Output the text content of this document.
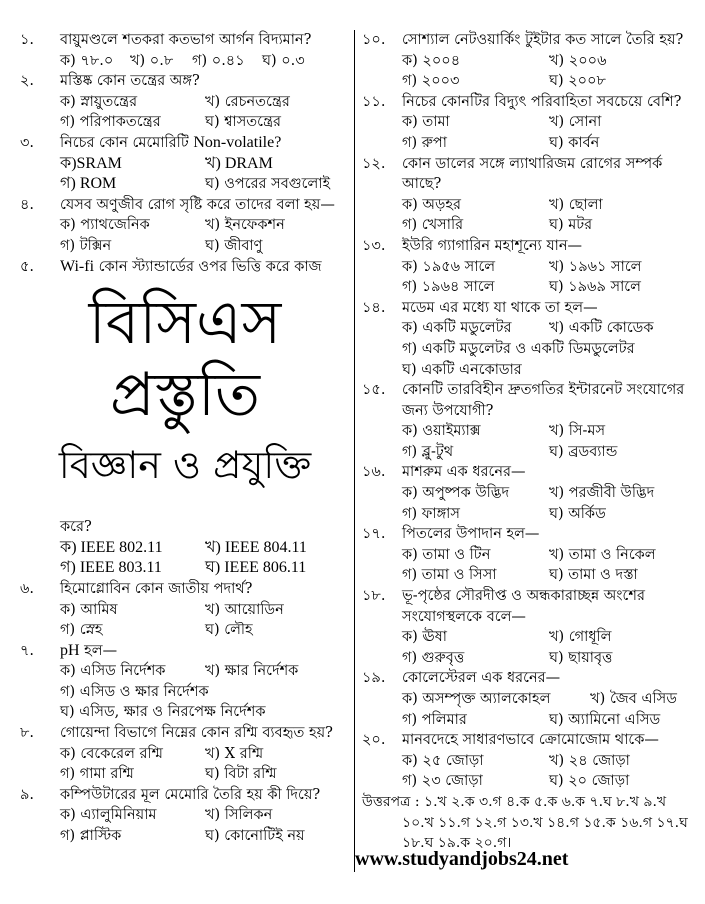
১.	বায়ুমণ্ডলে শতকরা কতভাগ আর্গন বিদ্যমান?
ক) ৭৮.০	খ) ০.৮	গ) ০.৪১	ঘ) ০.৩
২.	মস্তিষ্ক কোন তন্ত্রের অঙ্গ?
ক) স্নায়ুতন্ত্রের	খ) রেচনতন্ত্রের
গ) পরিপাকতন্ত্রের	ঘ) শ্বাসতন্ত্রের
৩.	নিচের কোন মেমোরিটি Non-volatile?
ক)SRAM	খ) DRAM
গ) ROM	ঘ) ওপরের সবগুলোই
৪.	যেসব অণুজীব রোগ সৃষ্টি করে তাদের বলা হয়—
ক) প্যাথজেনিক	খ) ইনফেকশন
গ) টক্সিন	ঘ) জীবাণু
৫.	Wi-fi কোন স্ট্যান্ডার্ডের ওপর ভিত্তি করে কাজ
বিসিএস
প্রস্তুতি
বিজ্ঞান ও প্রযুক্তি
করে?
ক) IEEE 802.11	খ) IEEE 804.11
গ) IEEE 803.11	ঘ) IEEE 806.11
৬.	হিমোগ্লোবিন কোন জাতীয় পদার্থ?
ক) আমিষ	খ) আয়োডিন
গ) স্নেহ	ঘ) লৌহ
৭.	pH হল—
ক) এসিড নির্দেশক	খ) ক্ষার নির্দেশক
গ) এসিড ও ক্ষার নির্দেশক
ঘ) এসিড, ক্ষার ও নিরপেক্ষ নির্দেশক
৮.	গোয়েন্দা বিভাগে নিম্নের কোন রশ্মি ব্যবহৃত হয়?
ক) বেকেরেল রশ্মি	খ) X রশ্মি
গ) গামা রশ্মি	ঘ) বিটা রশ্মি
৯.	কম্পিউটারের মূল মেমোরি তৈরি হয় কী দিয়ে?
ক) এ্যালুমিনিয়াম	খ) সিলিকন
গ) প্লাস্টিক	ঘ) কোনোটিই নয়
১০.	সোশ্যাল নেটওয়ার্কিং টুইটার কত সালে তৈরি হয়?
ক) ২০০৪	খ) ২০০৬
গ) ২০০৩	ঘ) ২০০৮
১১.	নিচের কোনটির বিদ্যুৎ পরিবাহিতা সবচেয়ে বেশি?
ক) তামা	খ) সোনা
গ) রুপা	ঘ) কার্বন
১২.	কোন ডালের সঙ্গে ল্যাথারিজম রোগের সম্পর্ক আছে?
ক) অড়হর	খ) ছোলা
গ) খেসারি	ঘ) মটর
১৩.	ইউরি গ্যাগারিন মহাশূন্যে যান—
ক) ১৯৫৬ সালে	খ) ১৯৬১ সালে
গ) ১৯৬৪ সালে	ঘ) ১৯৬৯ সালে
১৪.	মডেম এর মধ্যে যা থাকে তা হল—
ক) একটি মডুলেটর	খ) একটি কোডেক
গ) একটি মডুলেটর ও একটি ডিমডুলেটর
ঘ) একটি এনকোডার
১৫.	কোনটি তারবিহীন দ্রুতগতির ইন্টারনেট সংযোগের জন্য উপযোগী?
ক) ওয়াইম্যাক্স	খ) সি-মস
গ) ব্লু-টুথ	ঘ) ব্রডব্যান্ড
১৬.	মাশরুম এক ধরনের—
ক) অপুষ্পক উদ্ভিদ	খ) পরজীবী উদ্ভিদ
গ) ফাঙ্গাস	ঘ) অর্কিড
১৭.	পিতলের উপাদান হল—
ক) তামা ও টিন	খ) তামা ও নিকেল
গ) তামা ও সিসা	ঘ) তামা ও দস্তা
১৮.	ভূ-পৃষ্ঠের সৌরদীপ্ত ও অন্ধকারাচ্ছন্ন অংশের সংযোগস্থলকে বলে—
ক) ঊষা	খ) গোধূলি
গ) গুরুবৃত্ত	ঘ) ছায়াবৃত্ত
১৯.	কোলেস্টেরল এক ধরনের—
ক) অসম্পৃক্ত অ্যালকোহল	খ) জৈব এসিড
গ) পলিমার	ঘ) অ্যামিনো এসিড
২০.	মানবদেহে সাধারণভাবে ক্রোমোজোম থাকে—
ক) ২৫ জোড়া	খ) ২৪ জোড়া
গ) ২৩ জোড়া	ঘ) ২০ জোড়া
উত্তরপত্র : ১.খ ২.ক ৩.গ ৪.ক ৫.ক ৬.ক ৭.ঘ ৮.খ ৯.খ
১০.খ ১১.গ ১২.গ ১৩.খ ১৪.গ ১৫.ক ১৬.গ ১৭.ঘ
১৮.ঘ ১৯.ক ২০.গ।
www.studyandjobs24.net
